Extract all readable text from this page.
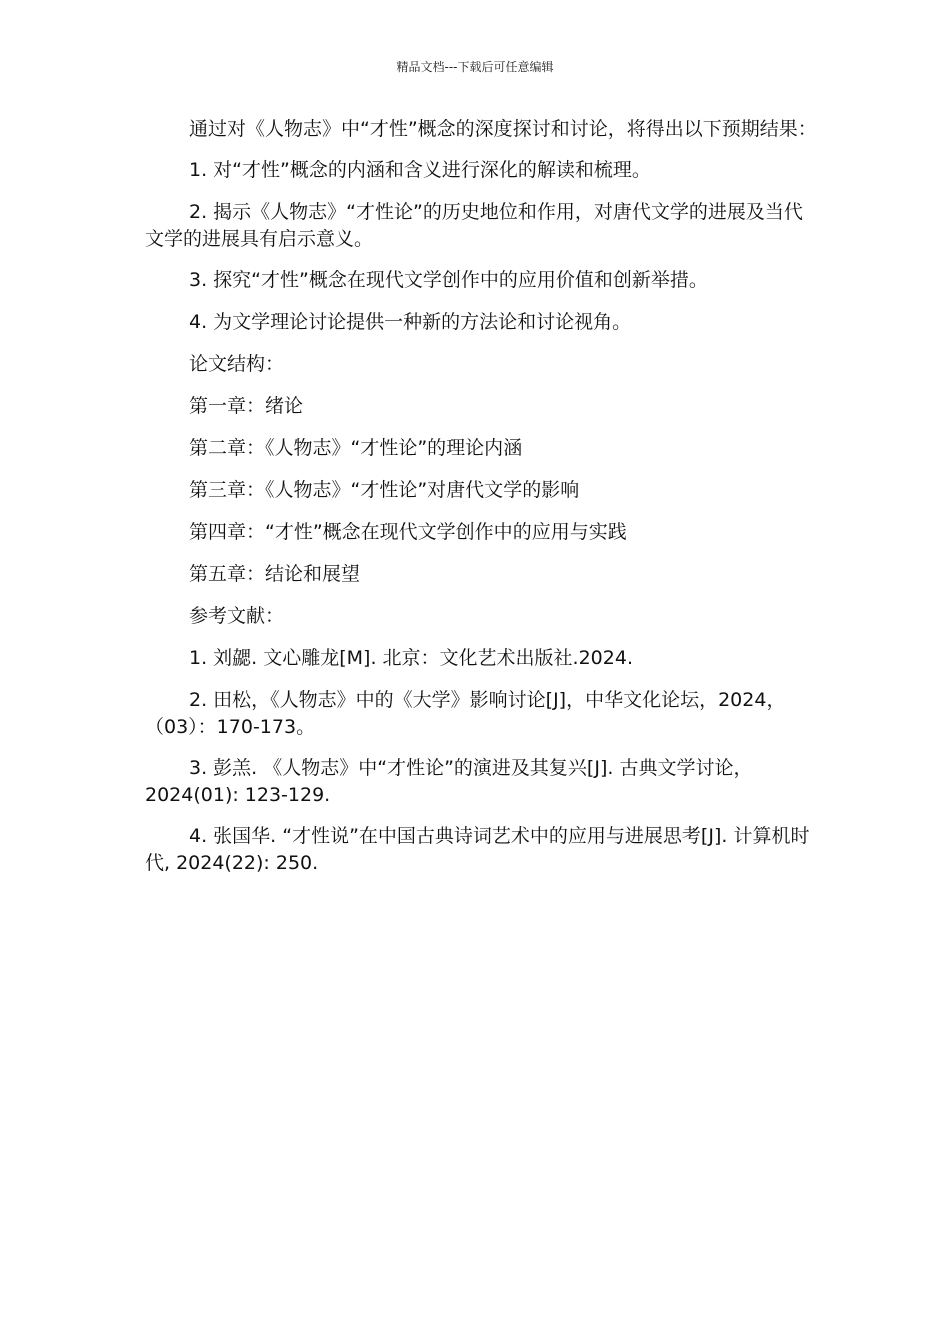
精品文档---下载后可任意编辑

通过对《人物志》中“才性”概念的深度探讨和讨论，将得出以下预期结果：

1. 对“才性”概念的内涵和含义进行深化的解读和梳理。

2. 揭示《人物志》“才性论”的历史地位和作用，对唐代文学的进展及当代文学的进展具有启示意义。

3. 探究“才性”概念在现代文学创作中的应用价值和创新举措。

4. 为文学理论讨论提供一种新的方法论和讨论视角。

论文结构：

第一章：绪论

第二章：《人物志》“才性论”的理论内涵

第三章：《人物志》“才性论”对唐代文学的影响

第四章：“才性”概念在现代文学创作中的应用与实践

第五章：结论和展望

参考文献：

1. 刘勰. 文心雕龙[M]. 北京：文化艺术出版社.2024.

2. 田松，《人物志》中的《大学》影响讨论[J]，中华文化论坛，2024，（03）：170-173。

3. 彭羔. 《人物志》中“才性论”的演进及其复兴[J]. 古典文学讨论，2024(01): 123-129.

4. 张国华. “才性说”在中国古典诗词艺术中的应用与进展思考[J]. 计算机时代, 2024(22): 250.
